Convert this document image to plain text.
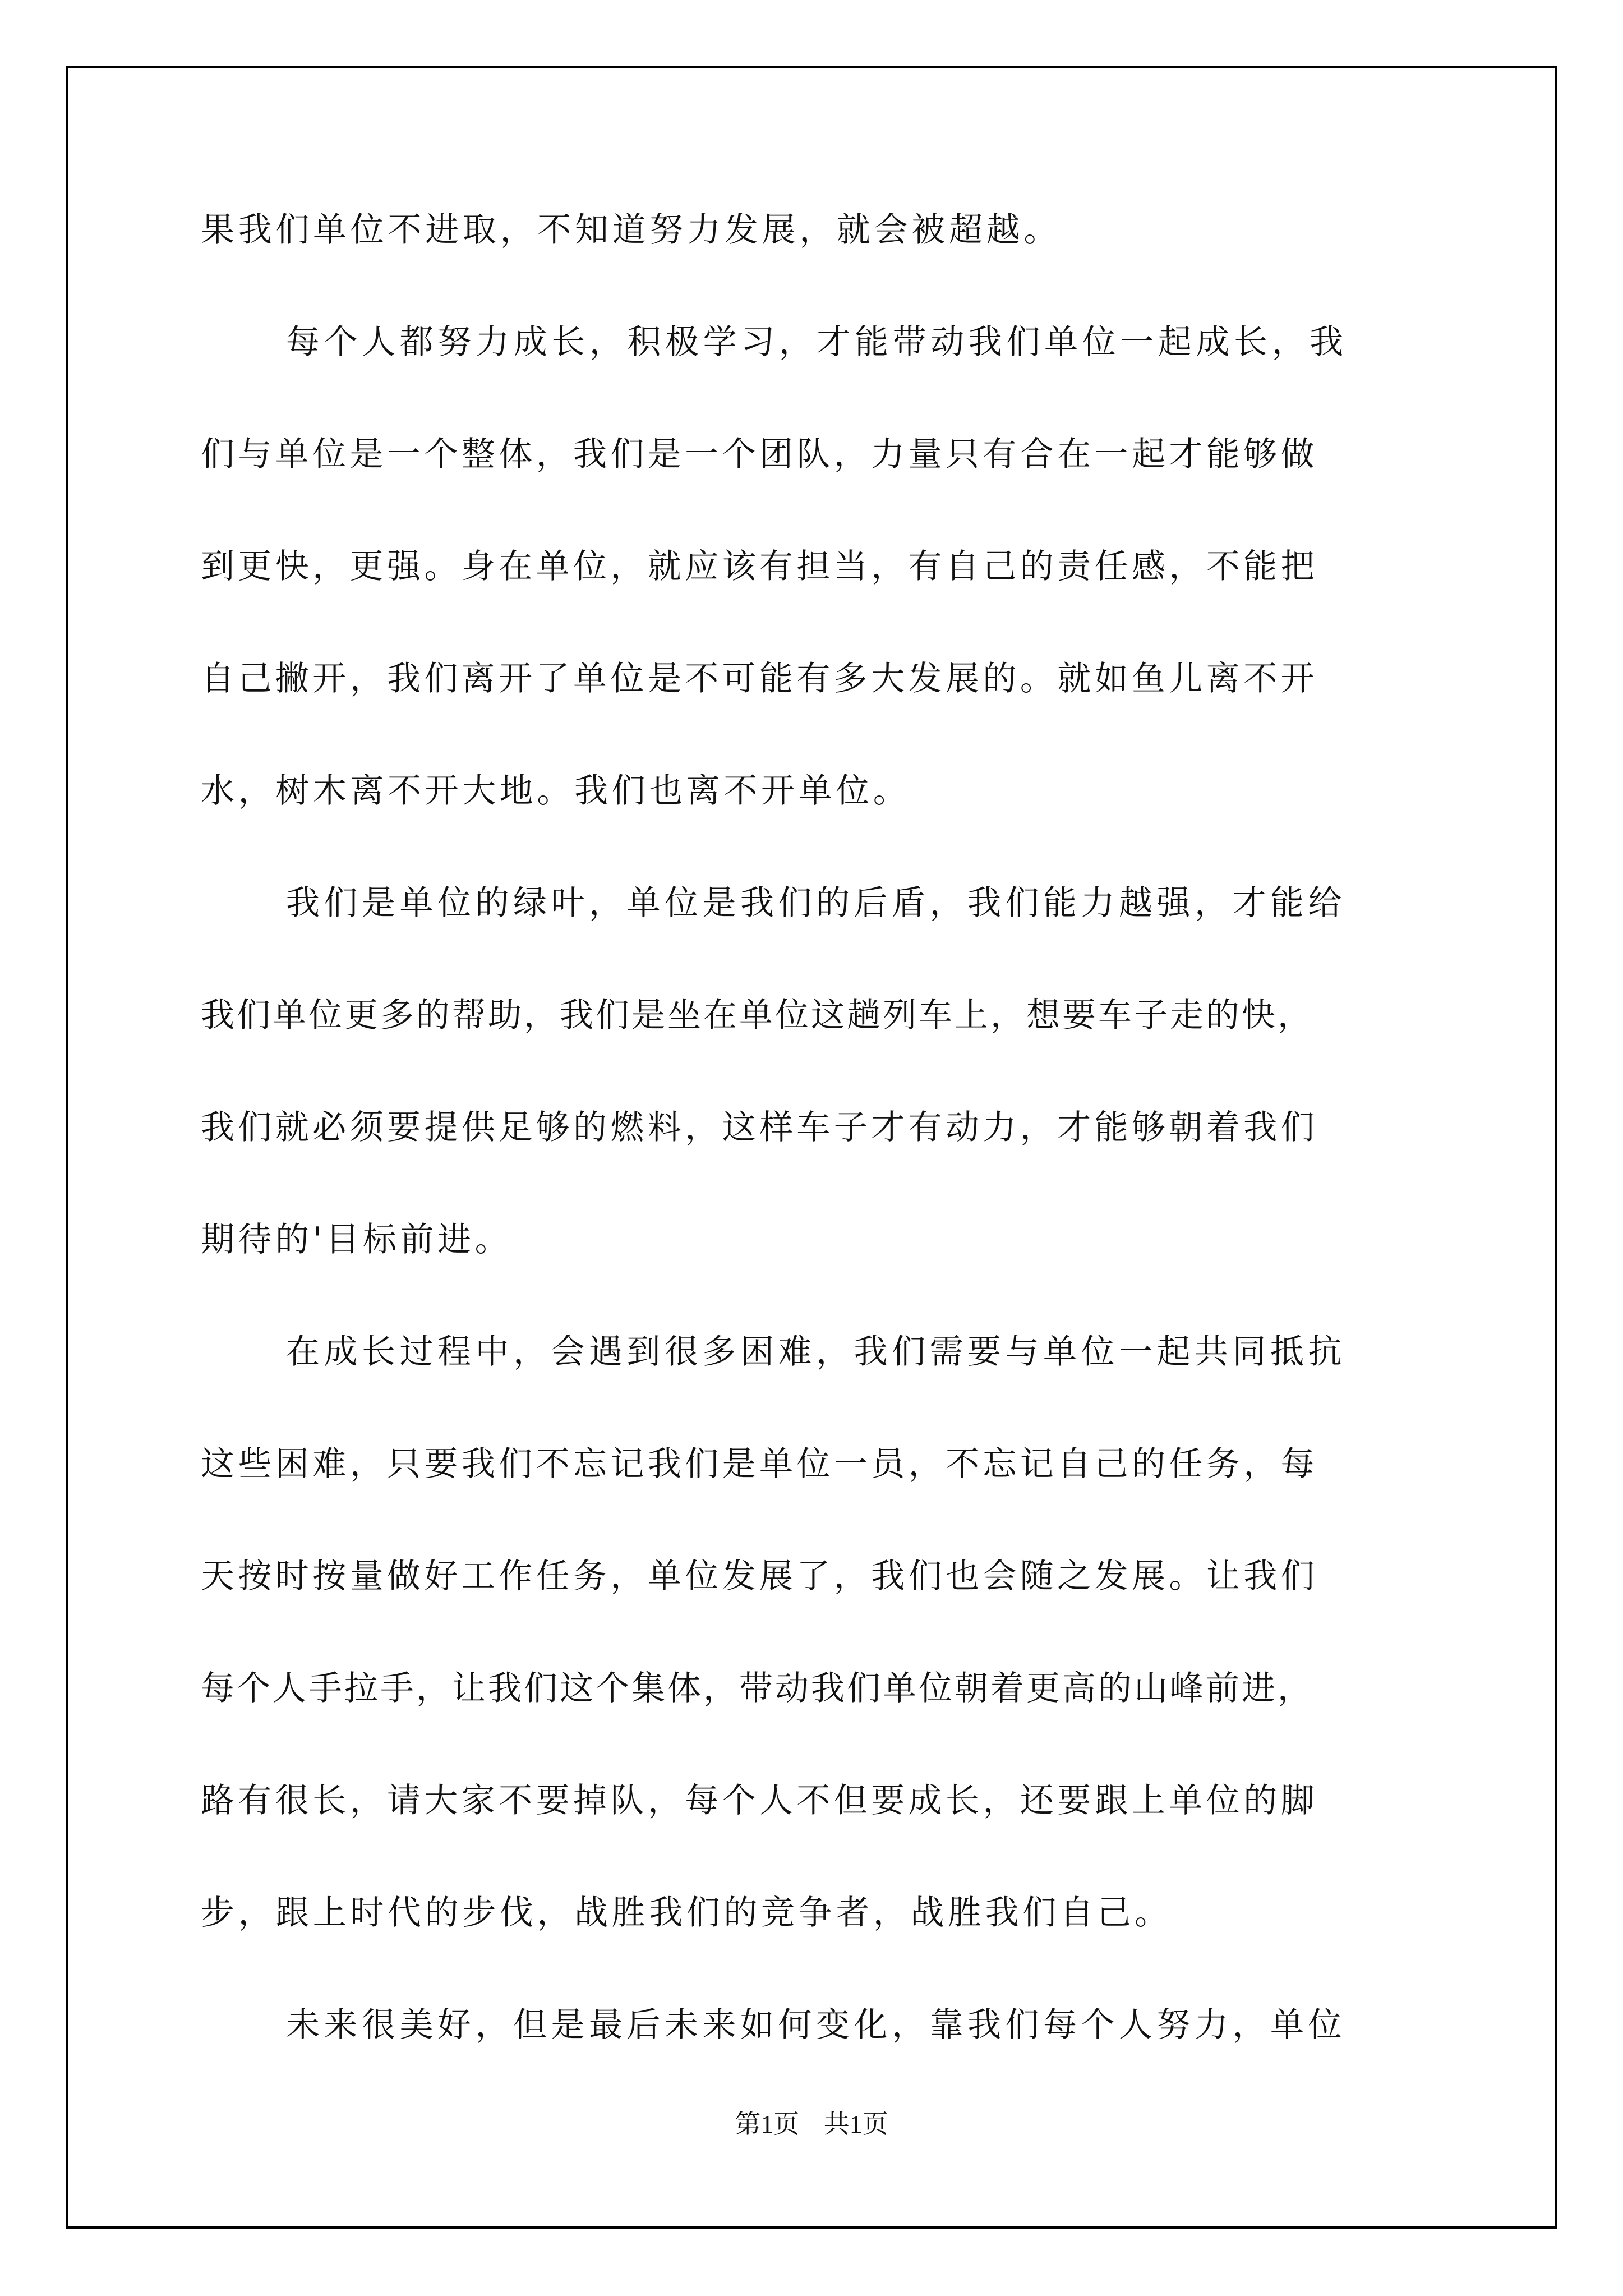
果我们单位不进取，不知道努力发展，就会被超越。
每个人都努力成长，积极学习，才能带动我们单位一起成长，我
们与单位是一个整体，我们是一个团队，力量只有合在一起才能够做
到更快，更强。身在单位，就应该有担当，有自己的责任感，不能把
自己撇开，我们离开了单位是不可能有多大发展的。就如鱼儿离不开
水，树木离不开大地。我们也离不开单位。
我们是单位的绿叶，单位是我们的后盾，我们能力越强，才能给
我们单位更多的帮助，我们是坐在单位这趟列车上，想要车子走的快，
我们就必须要提供足够的燃料，这样车子才有动力，才能够朝着我们
期待的'目标前进。
在成长过程中，会遇到很多困难，我们需要与单位一起共同抵抗
这些困难，只要我们不忘记我们是单位一员，不忘记自己的任务，每
天按时按量做好工作任务，单位发展了，我们也会随之发展。让我们
每个人手拉手，让我们这个集体，带动我们单位朝着更高的山峰前进，
路有很长，请大家不要掉队，每个人不但要成长，还要跟上单位的脚
步，跟上时代的步伐，战胜我们的竞争者，战胜我们自己。
未来很美好，但是最后未来如何变化，靠我们每个人努力，单位
第1页 共1页
